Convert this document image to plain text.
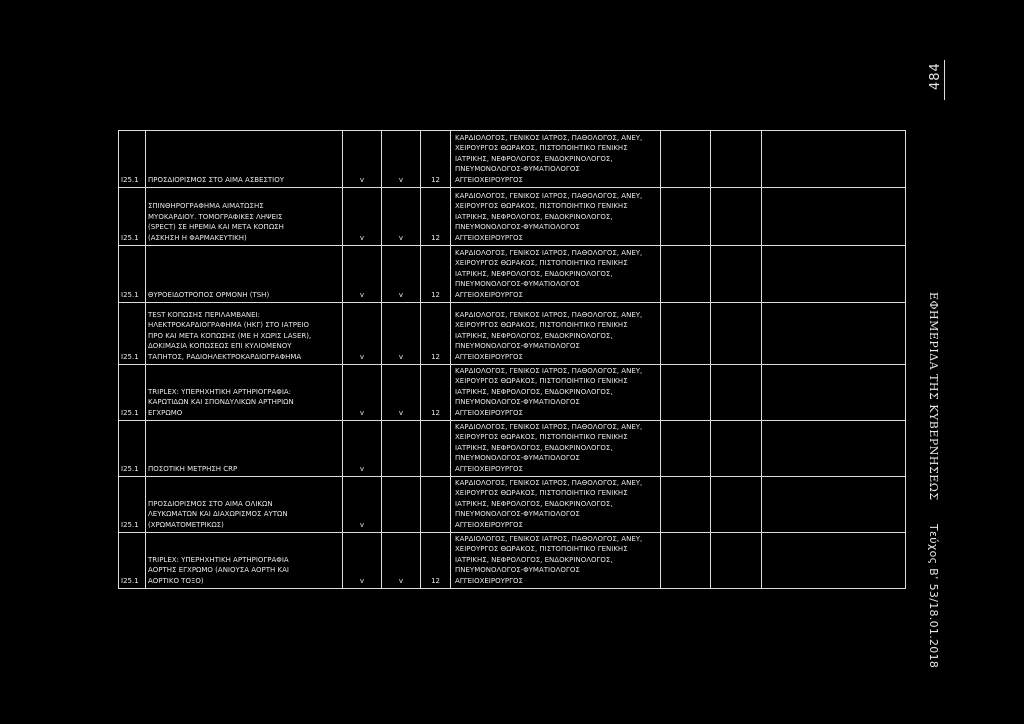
484
ΕΦΗΜΕΡΙΔΑ ΤΗΣ ΚΥΒΕΡΝΗΣΕΩΣ
Τεύχος Β’ 53/18.01.2018
I25.1	ΠΡΟΣΔΙΟΡΙΣΜΟΣ ΣΤΟ ΑΙΜΑ ΑΣΒΕΣΤΙΟΥ	v	v	12	ΚΑΡΔΙΟΛΟΓΟΣ, ΓΕΝΙΚΟΣ ΙΑΤΡΟΣ, ΠΑΘΟΛΟΓΟΣ, ΑΝΕΥ,
ΧΕΙΡΟΥΡΓΟΣ ΘΩΡΑΚΟΣ, ΠΙΣΤΟΠΟΙΗΤΙΚΟ ΓΕΝΙΚΗΣ
ΙΑΤΡΙΚΗΣ, ΝΕΦΡΟΛΟΓΟΣ, ΕΝΔΟΚΡΙΝΟΛΟΓΟΣ,
ΠΝΕΥΜΟΝΟΛΟΓΟΣ-ΦΥΜΑΤΙΟΛΟΓΟΣ
ΑΓΓΕΙΟΧΕΙΡΟΥΡΓΟΣ			
I25.1	ΣΠΙΝΘΗΡΟΓΡΑΦΗΜΑ ΑΙΜΑΤΩΣΗΣ
ΜΥΟΚΑΡΔΙΟΥ. ΤΟΜΟΓΡΑΦΙΚΕΣ ΛΗΨΕΙΣ
(SPECT) ΣΕ ΗΡΕΜΙΑ ΚΑΙ ΜΕΤΑ ΚΟΠΩΣΗ
(ΑΣΚΗΣΗ Η ΦΑΡΜΑΚΕΥΤΙΚΗ)	v	v	12	ΚΑΡΔΙΟΛΟΓΟΣ, ΓΕΝΙΚΟΣ ΙΑΤΡΟΣ, ΠΑΘΟΛΟΓΟΣ, ΑΝΕΥ,
ΧΕΙΡΟΥΡΓΟΣ ΘΩΡΑΚΟΣ, ΠΙΣΤΟΠΟΙΗΤΙΚΟ ΓΕΝΙΚΗΣ
ΙΑΤΡΙΚΗΣ, ΝΕΦΡΟΛΟΓΟΣ, ΕΝΔΟΚΡΙΝΟΛΟΓΟΣ,
ΠΝΕΥΜΟΝΟΛΟΓΟΣ-ΦΥΜΑΤΙΟΛΟΓΟΣ
ΑΓΓΕΙΟΧΕΙΡΟΥΡΓΟΣ			
I25.1	ΘΥΡΟΕΙΔΟΤΡΟΠΟΣ ΟΡΜΟΝΗ (TSH)	v	v	12	ΚΑΡΔΙΟΛΟΓΟΣ, ΓΕΝΙΚΟΣ ΙΑΤΡΟΣ, ΠΑΘΟΛΟΓΟΣ, ΑΝΕΥ,
ΧΕΙΡΟΥΡΓΟΣ ΘΩΡΑΚΟΣ, ΠΙΣΤΟΠΟΙΗΤΙΚΟ ΓΕΝΙΚΗΣ
ΙΑΤΡΙΚΗΣ, ΝΕΦΡΟΛΟΓΟΣ, ΕΝΔΟΚΡΙΝΟΛΟΓΟΣ,
ΠΝΕΥΜΟΝΟΛΟΓΟΣ-ΦΥΜΑΤΙΟΛΟΓΟΣ
ΑΓΓΕΙΟΧΕΙΡΟΥΡΓΟΣ			
I25.1	TEST ΚΟΠΩΣΗΣ ΠΕΡΙΛΑΜΒΑΝΕΙ:
ΗΛΕΚΤΡΟΚΑΡΔΙΟΓΡΑΦΗΜΑ (ΗΚΓ) ΣΤΟ ΙΑΤΡΕΙΟ
ΠΡΟ ΚΑΙ ΜΕΤΑ ΚΟΠΩΣΗΣ (ΜΕ Η ΧΩΡΙΣ LASER),
ΔΟΚΙΜΑΣΙΑ ΚΟΠΩΣΕΩΣ ΕΠΙ ΚΥΛΙΟΜΕΝΟΥ
ΤΑΠΗΤΟΣ, ΡΑΔΙΟΗΛΕΚΤΡΟΚΑΡΔΙΟΓΡΑΦΗΜΑ	v	v	12	ΚΑΡΔΙΟΛΟΓΟΣ, ΓΕΝΙΚΟΣ ΙΑΤΡΟΣ, ΠΑΘΟΛΟΓΟΣ, ΑΝΕΥ,
ΧΕΙΡΟΥΡΓΟΣ ΘΩΡΑΚΟΣ, ΠΙΣΤΟΠΟΙΗΤΙΚΟ ΓΕΝΙΚΗΣ
ΙΑΤΡΙΚΗΣ, ΝΕΦΡΟΛΟΓΟΣ, ΕΝΔΟΚΡΙΝΟΛΟΓΟΣ,
ΠΝΕΥΜΟΝΟΛΟΓΟΣ-ΦΥΜΑΤΙΟΛΟΓΟΣ
ΑΓΓΕΙΟΧΕΙΡΟΥΡΓΟΣ			
I25.1	TRIPLEX: ΥΠΕΡΗΧΗΤΙΚΗ ΑΡΤΗΡΙΟΓΡΑΦΙΑ:
ΚΑΡΩΤΙΔΩΝ ΚΑΙ ΣΠΟΝΔΥΛΙΚΩΝ ΑΡΤΗΡΙΩΝ
ΕΓΧΡΩΜΟ	v	v	12	ΚΑΡΔΙΟΛΟΓΟΣ, ΓΕΝΙΚΟΣ ΙΑΤΡΟΣ, ΠΑΘΟΛΟΓΟΣ, ΑΝΕΥ,
ΧΕΙΡΟΥΡΓΟΣ ΘΩΡΑΚΟΣ, ΠΙΣΤΟΠΟΙΗΤΙΚΟ ΓΕΝΙΚΗΣ
ΙΑΤΡΙΚΗΣ, ΝΕΦΡΟΛΟΓΟΣ, ΕΝΔΟΚΡΙΝΟΛΟΓΟΣ,
ΠΝΕΥΜΟΝΟΛΟΓΟΣ-ΦΥΜΑΤΙΟΛΟΓΟΣ
ΑΓΓΕΙΟΧΕΙΡΟΥΡΓΟΣ			
I25.1	ΠΟΣΟΤΙΚΗ ΜΕΤΡΗΣΗ CRP	v			ΚΑΡΔΙΟΛΟΓΟΣ, ΓΕΝΙΚΟΣ ΙΑΤΡΟΣ, ΠΑΘΟΛΟΓΟΣ, ΑΝΕΥ,
ΧΕΙΡΟΥΡΓΟΣ ΘΩΡΑΚΟΣ, ΠΙΣΤΟΠΟΙΗΤΙΚΟ ΓΕΝΙΚΗΣ
ΙΑΤΡΙΚΗΣ, ΝΕΦΡΟΛΟΓΟΣ, ΕΝΔΟΚΡΙΝΟΛΟΓΟΣ,
ΠΝΕΥΜΟΝΟΛΟΓΟΣ-ΦΥΜΑΤΙΟΛΟΓΟΣ
ΑΓΓΕΙΟΧΕΙΡΟΥΡΓΟΣ			
I25.1	ΠΡΟΣΔΙΟΡΙΣΜΟΣ ΣΤΟ ΑΙΜΑ ΟΛΙΚΩΝ
ΛΕΥΚΩΜΑΤΩΝ ΚΑΙ ΔΙΑΧΩΡΙΣΜΟΣ ΑΥΤΩΝ
(ΧΡΩΜΑΤΟΜΕΤΡΙΚΩΣ)	v			ΚΑΡΔΙΟΛΟΓΟΣ, ΓΕΝΙΚΟΣ ΙΑΤΡΟΣ, ΠΑΘΟΛΟΓΟΣ, ΑΝΕΥ,
ΧΕΙΡΟΥΡΓΟΣ ΘΩΡΑΚΟΣ, ΠΙΣΤΟΠΟΙΗΤΙΚΟ ΓΕΝΙΚΗΣ
ΙΑΤΡΙΚΗΣ, ΝΕΦΡΟΛΟΓΟΣ, ΕΝΔΟΚΡΙΝΟΛΟΓΟΣ,
ΠΝΕΥΜΟΝΟΛΟΓΟΣ-ΦΥΜΑΤΙΟΛΟΓΟΣ
ΑΓΓΕΙΟΧΕΙΡΟΥΡΓΟΣ			
I25.1	TRIPLEX: ΥΠΕΡΗΧΗΤΙΚΗ ΑΡΤΗΡΙΟΓΡΑΦΙΑ
ΑΟΡΤΗΣ ΕΓΧΡΩΜΟ (ΑΝΙΟΥΣΑ ΑΟΡΤΗ ΚΑΙ
ΑΟΡΤΙΚΟ ΤΟΞΟ)	v	v	12	ΚΑΡΔΙΟΛΟΓΟΣ, ΓΕΝΙΚΟΣ ΙΑΤΡΟΣ, ΠΑΘΟΛΟΓΟΣ, ΑΝΕΥ,
ΧΕΙΡΟΥΡΓΟΣ ΘΩΡΑΚΟΣ, ΠΙΣΤΟΠΟΙΗΤΙΚΟ ΓΕΝΙΚΗΣ
ΙΑΤΡΙΚΗΣ, ΝΕΦΡΟΛΟΓΟΣ, ΕΝΔΟΚΡΙΝΟΛΟΓΟΣ,
ΠΝΕΥΜΟΝΟΛΟΓΟΣ-ΦΥΜΑΤΙΟΛΟΓΟΣ
ΑΓΓΕΙΟΧΕΙΡΟΥΡΓΟΣ			
